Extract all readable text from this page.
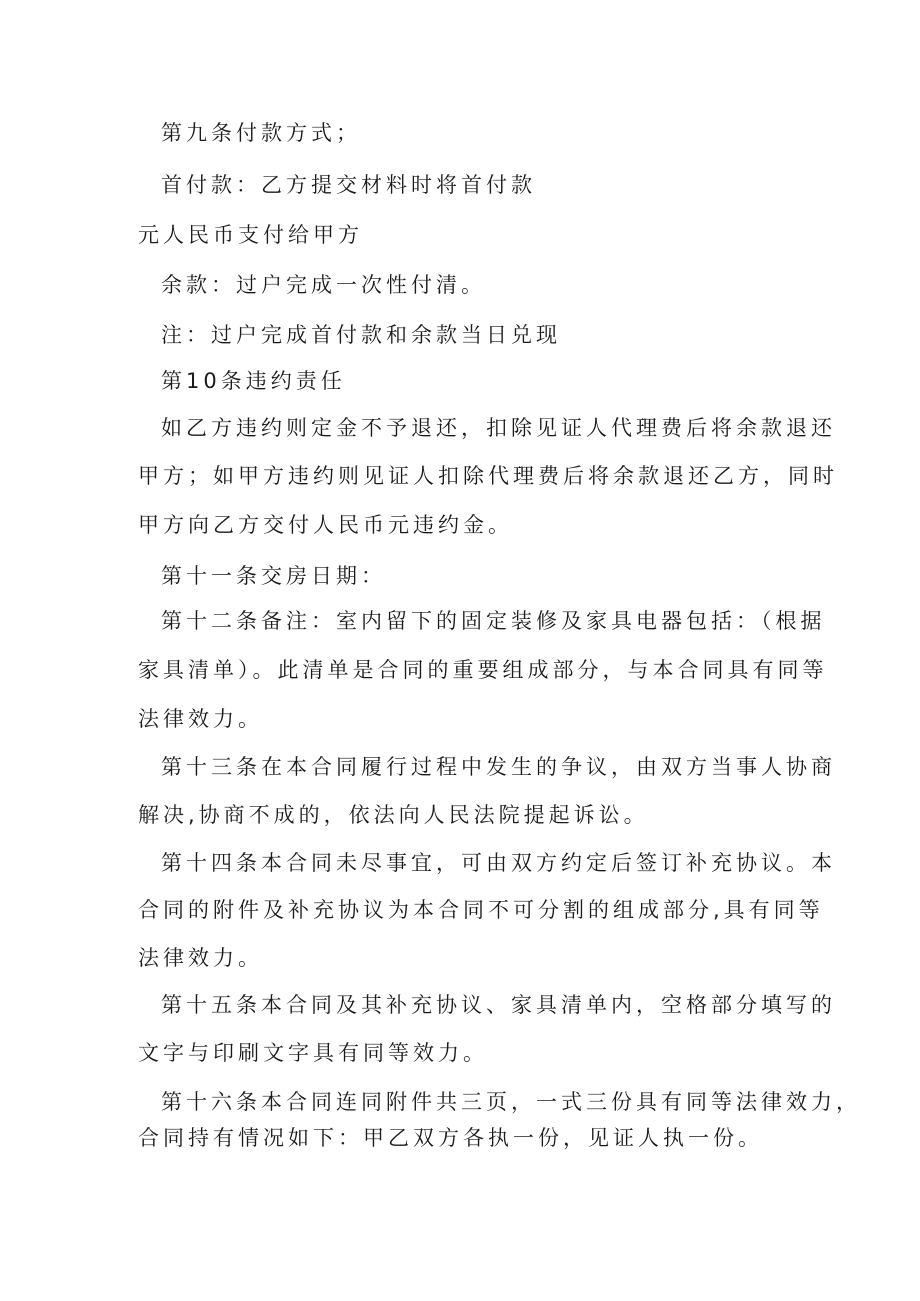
第九条付款方式；
首付款：乙方提交材料时将首付款
元人民币支付给甲方
余款：过户完成一次性付清。
注：过户完成首付款和余款当日兑现
第10条违约责任
如乙方违约则定金不予退还，扣除见证人代理费后将余款退还
甲方；如甲方违约则见证人扣除代理费后将余款退还乙方，同时
甲方向乙方交付人民币元违约金。
第十一条交房日期：
第十二条备注：室内留下的固定装修及家具电器包括：（根据
家具清单）。此清单是合同的重要组成部分，与本合同具有同等
法律效力。
第十三条在本合同履行过程中发生的争议，由双方当事人协商
解决,协商不成的，依法向人民法院提起诉讼。
第十四条本合同未尽事宜，可由双方约定后签订补充协议。本
合同的附件及补充协议为本合同不可分割的组成部分,具有同等
法律效力。
第十五条本合同及其补充协议、家具清单内，空格部分填写的
文字与印刷文字具有同等效力。
第十六条本合同连同附件共三页，一式三份具有同等法律效力，
合同持有情况如下：甲乙双方各执一份，见证人执一份。
